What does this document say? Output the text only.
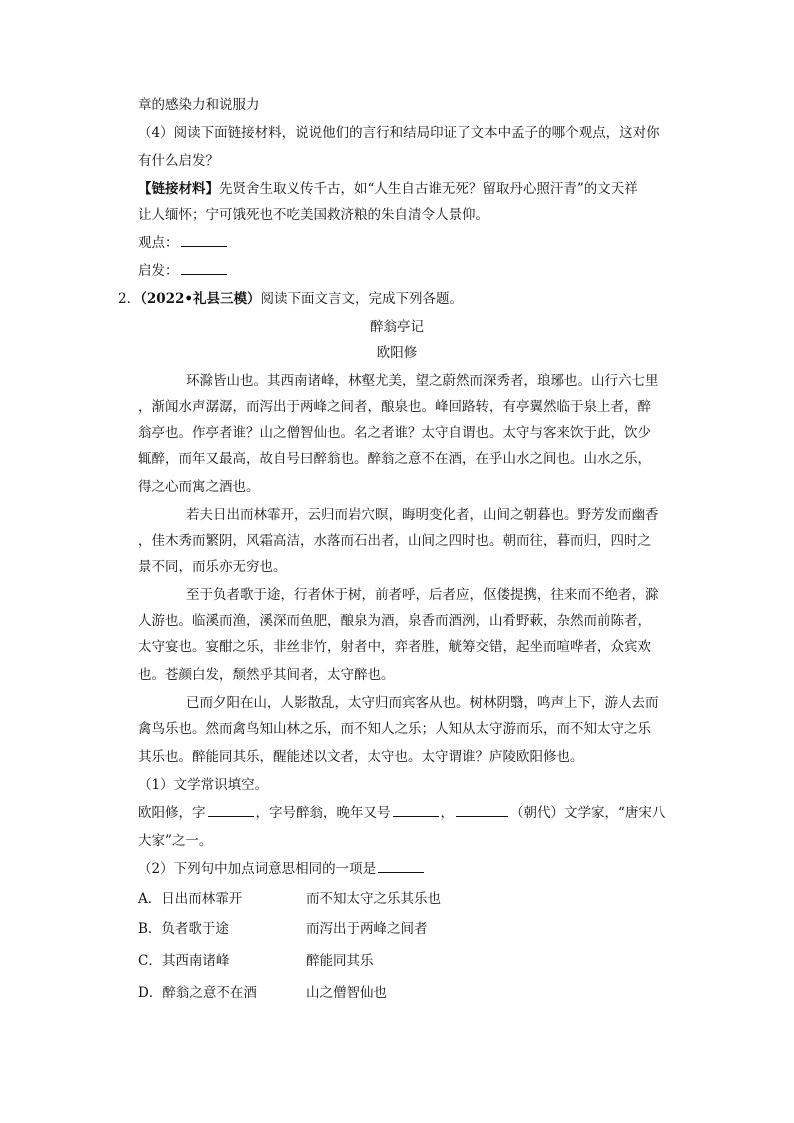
章的感染力和说服力
（4）阅读下面链接材料，说说他们的言行和结局印证了文本中孟子的哪个观点，这对你
有什么启发？
【链接材料】先贤舍生取义传千古，如“人生自古谁无死？留取丹心照汗青”的文天祥
让人缅怀；宁可饿死也不吃美国救济粮的朱自清令人景仰。
观点：
启发：
2．（2022•礼县三模）阅读下面文言文，完成下列各题。
醉翁亭记
欧阳修
环滁皆山也。其西南诸峰，林壑尤美，望之蔚然而深秀者，琅琊也。山行六七里
，渐闻水声潺潺，而泻出于两峰之间者，酿泉也。峰回路转，有亭翼然临于泉上者，醉
翁亭也。作亭者谁？山之僧智仙也。名之者谁？太守自谓也。太守与客来饮于此，饮少
辄醉，而年又最高，故自号曰醉翁也。醉翁之意不在酒，在乎山水之间也。山水之乐，
得之心而寓之酒也。
若夫日出而林霏开，云归而岩穴暝，晦明变化者，山间之朝暮也。野芳发而幽香
，佳木秀而繁阴，风霜高洁，水落而石出者，山间之四时也。朝而往，暮而归，四时之
景不同，而乐亦无穷也。
至于负者歌于途，行者休于树，前者呼，后者应，伛偻提携，往来而不绝者，滁
人游也。临溪而渔，溪深而鱼肥，酿泉为酒，泉香而酒洌，山肴野蔌，杂然而前陈者，
太守宴也。宴酣之乐，非丝非竹，射者中，弈者胜，觥筹交错，起坐而喧哗者，众宾欢
也。苍颜白发，颓然乎其间者，太守醉也。
已而夕阳在山，人影散乱，太守归而宾客从也。树林阴翳，鸣声上下，游人去而
禽鸟乐也。然而禽鸟知山林之乐，而不知人之乐；人知从太守游而乐，而不知太守之乐
其乐也。醉能同其乐，醒能述以文者，太守也。太守谓谁？庐陵欧阳修也。
（1）文学常识填空。
欧阳修，字	，字号醉翁，晚年又号	，	（朝代）文学家，“唐宋八
大家”之一。
（2）下列句中加点词意思相同的一项是
A．日出而林霏开	而不知太守之乐其乐也
B．负者歌于途	而泻出于两峰之间者
C．其西南诸峰	醉能同其乐
D．醉翁之意不在酒	山之僧智仙也
